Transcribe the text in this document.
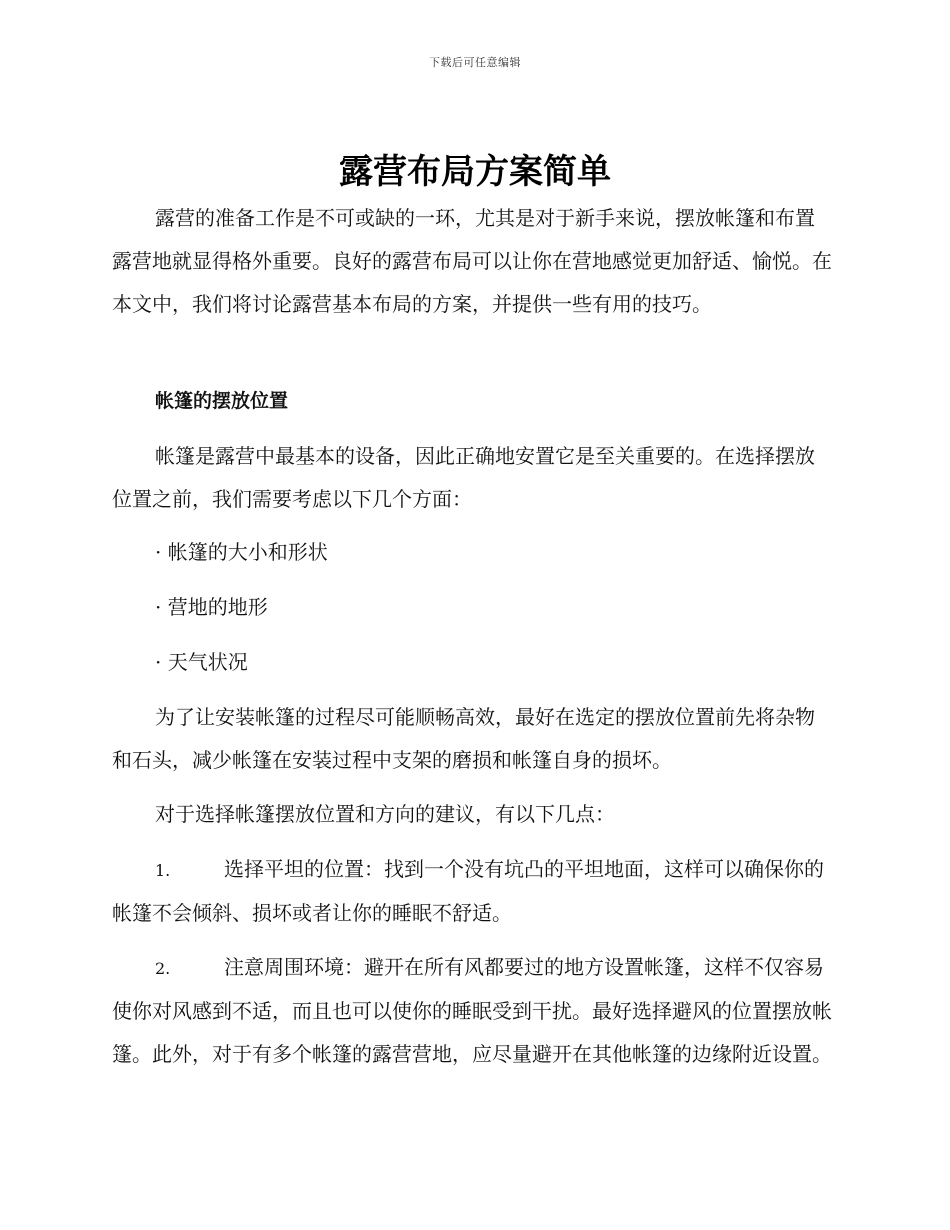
下载后可任意编辑
露营布局方案简单

露营的准备工作是不可或缺的一环，尤其是对于新手来说，摆放帐篷和布置露营地就显得格外重要。良好的露营布局可以让你在营地感觉更加舒适、愉悦。在本文中，我们将讨论露营基本布局的方案，并提供一些有用的技巧。

帐篷的摆放位置

帐篷是露营中最基本的设备，因此正确地安置它是至关重要的。在选择摆放位置之前，我们需要考虑以下几个方面：

· 帐篷的大小和形状

· 营地的地形

· 天气状况

为了让安装帐篷的过程尽可能顺畅高效，最好在选定的摆放位置前先将杂物和石头，减少帐篷在安装过程中支架的磨损和帐篷自身的损坏。

对于选择帐篷摆放位置和方向的建议，有以下几点：

1.	选择平坦的位置：找到一个没有坑凸的平坦地面，这样可以确保你的帐篷不会倾斜、损坏或者让你的睡眠不舒适。

2.	注意周围环境：避开在所有风都要过的地方设置帐篷，这样不仅容易使你对风感到不适，而且也可以使你的睡眠受到干扰。最好选择避风的位置摆放帐篷。此外，对于有多个帐篷的露营营地，应尽量避开在其他帐篷的边缘附近设置。
